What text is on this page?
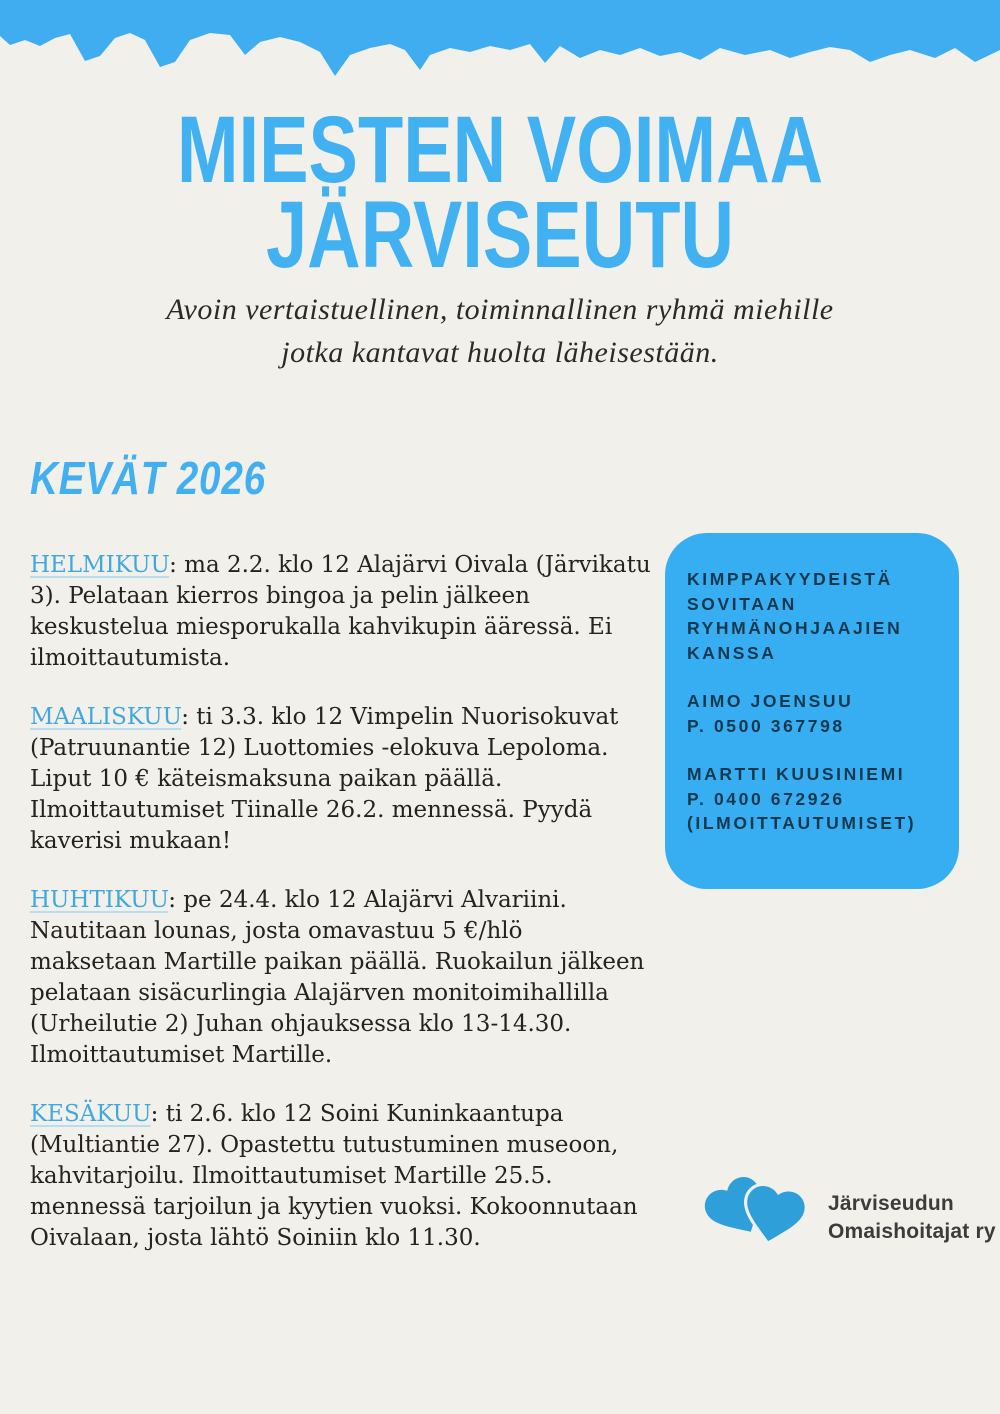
MIESTEN VOIMAA
JÄRVISEUTU

Avoin vertaistuellinen, toiminnallinen ryhmä miehille
jotka kantavat huolta läheisestään.

KEVÄT 2026

HELMIKUU: ma 2.2. klo 12 Alajärvi Oivala (Järvikatu 3). Pelataan kierros bingoa ja pelin jälkeen keskustelua miesporukalla kahvikupin ääressä. Ei ilmoittautumista.

MAALISKUU: ti 3.3. klo 12 Vimpelin Nuorisokuvat (Patruunantie 12) Luottomies -elokuva Lepoloma. Liput 10 € käteismaksuna paikan päällä. Ilmoittautumiset Tiinalle 26.2. mennessä. Pyydä kaverisi mukaan!

HUHTIKUU: pe 24.4. klo 12 Alajärvi Alvariini. Nautitaan lounas, josta omavastuu 5 €/hlö maksetaan Martille paikan päällä. Ruokailun jälkeen pelataan sisäcurlingia Alajärven monitoimihallilla (Urheilutie 2) Juhan ohjauksessa klo 13-14.30. Ilmoittautumiset Martille.

KESÄKUU: ti 2.6. klo 12 Soini Kuninkaantupa (Multiantie 27). Opastettu tutustuminen museoon, kahvitarjoilu. Ilmoittautumiset Martille 25.5. mennessä tarjoilun ja kyytien vuoksi. Kokoonnutaan Oivalaan, josta lähtö Soiniin klo 11.30.

KIMPPAKYYDEISTÄ SOVITAAN RYHMÄNOHJAAJIEN KANSSA
AIMO JOENSUU
P. 0500 367798
MARTTI KUUSINIEMI
P. 0400 672926
(ILMOITTAUTUMISET)
Järviseudun
Omaishoitajat ry
